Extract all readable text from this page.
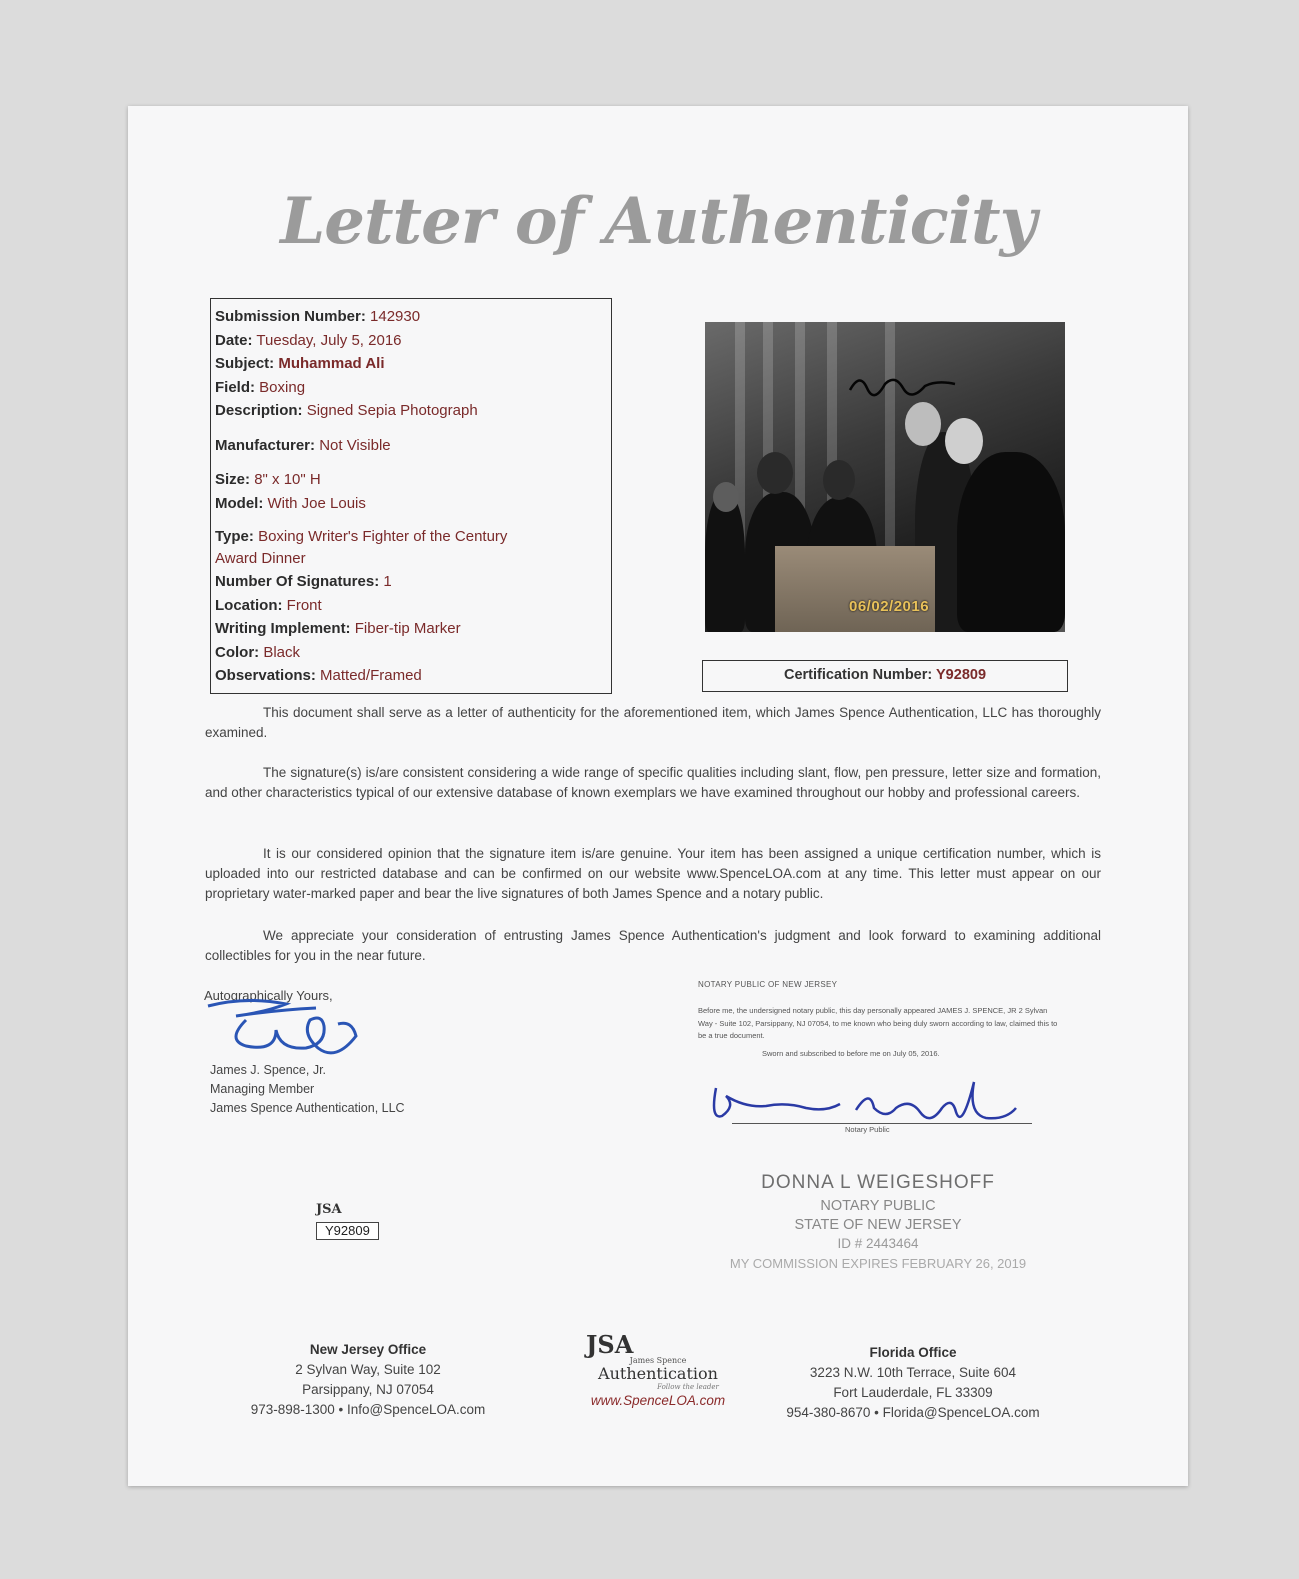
Letter of Authenticity
Submission Number: 142930
Date: Tuesday, July 5, 2016
Subject: Muhammad Ali
Field: Boxing
Description: Signed Sepia Photograph
Manufacturer: Not Visible
Size: 8" x 10" H
Model: With Joe Louis
Type: Boxing Writer's Fighter of the Century Award Dinner
Number Of Signatures: 1
Location: Front
Writing Implement: Fiber-tip Marker
Color: Black
Observations: Matted/Framed
06/02/2016
Certification Number: Y92809

This document shall serve as a letter of authenticity for the aforementioned item, which James Spence Authentication, LLC has thoroughly examined.

The signature(s) is/are consistent considering a wide range of specific qualities including slant, flow, pen pressure, letter size and formation, and other characteristics typical of our extensive database of known exemplars we have examined throughout our hobby and professional careers.

It is our considered opinion that the signature item is/are genuine. Your item has been assigned a unique certification number, which is uploaded into our restricted database and can be confirmed on our website www.SpenceLOA.com at any time. This letter must appear on our proprietary water-marked paper and bear the live signatures of both James Spence and a notary public.

We appreciate your consideration of entrusting James Spence Authentication's judgment and look forward to examining additional collectibles for you in the near future.

Autographically Yours,
James J. Spence, Jr.
Managing Member
James Spence Authentication, LLC
NOTARY PUBLIC OF NEW JERSEY
Before me, the undersigned notary public, this day personally appeared JAMES J. SPENCE, JR 2 Sylvan Way - Suite 102, Parsippany, NJ 07054, to me known who being duly sworn according to law, claimed this to be a true document.
Sworn and subscribed to before me on July 05, 2016.
Notary Public
DONNA L WEIGESHOFF
NOTARY PUBLIC
STATE OF NEW JERSEY
ID # 2443464
MY COMMISSION EXPIRES FEBRUARY 26, 2019
JSA
Y92809
New Jersey Office
2 Sylvan Way, Suite 102
Parsippany, NJ 07054
973-898-1300 • Info@SpenceLOA.com
JSA
James Spence
Authentication
Follow the leader
www.SpenceLOA.com
Florida Office
3223 N.W. 10th Terrace, Suite 604
Fort Lauderdale, FL 33309
954-380-8670 • Florida@SpenceLOA.com
